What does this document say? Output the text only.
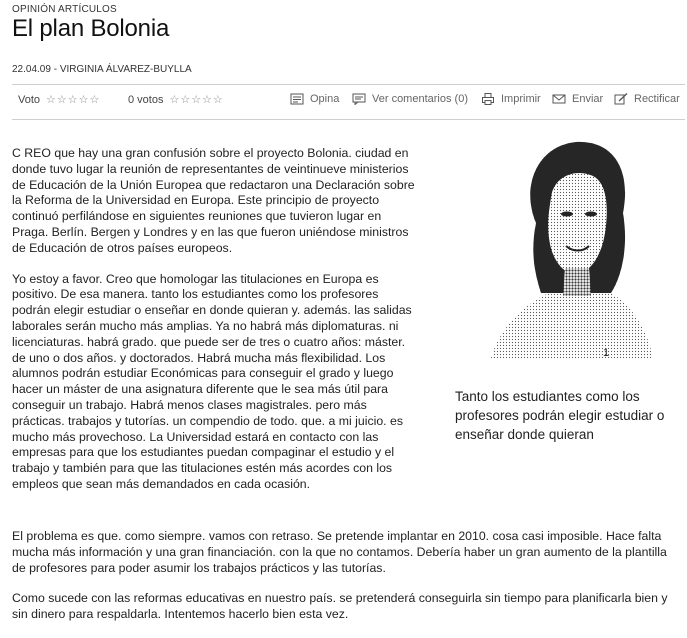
OPINIÓN ARTÍCULOS
El plan Bolonia
22.04.09 - VIRGINIA ÁLVAREZ-BUYLLA
Voto ☆☆☆☆☆	0 votos ☆☆☆☆☆	Opina	Ver comentarios (0)	Imprimir	Enviar	Rectificar

C REO que hay una gran confusión sobre el proyecto Bolonia. ciudad en donde tuvo lugar la reunión de representantes de veintinueve ministerios de Educación de la Unión Europea que redactaron una Declaración sobre la Reforma de la Universidad en Europa. Este principio de proyecto continuó perfilándose en siguientes reuniones que tuvieron lugar en Praga. Berlín. Bergen y Londres y en las que fueron uniéndose ministros de Educación de otros países europeos.

Yo estoy a favor. Creo que homologar las titulaciones en Europa es positivo. De esa manera. tanto los estudiantes como los profesores podrán elegir estudiar o enseñar en donde quieran y. además. las salidas laborales serán mucho más amplias. Ya no habrá más diplomaturas. ni licenciaturas. habrá grado. que puede ser de tres o cuatro años: máster. de uno o dos años. y doctorados. Habrá mucha más flexibilidad. Los alumnos podrán estudiar Económicas para conseguir el grado y luego hacer un máster de una asignatura diferente que le sea más útil para conseguir un trabajo. Habrá menos clases magistrales. pero más prácticas. trabajos y tutorías. un compendio de todo. que. a mi juicio. es mucho más provechoso. La Universidad estará en contacto con las empresas para que los estudiantes puedan compaginar el estudio y el trabajo y también para que las titulaciones estén más acordes con los empleos que sean más demandados en cada ocasión.

1
Tanto los estudiantes como los profesores podrán elegir estudiar o enseñar donde quieran

El problema es que. como siempre. vamos con retraso. Se pretende implantar en 2010. cosa casi imposible. Hace falta mucha más información y una gran financiación. con la que no contamos. Debería haber un gran aumento de la plantilla de profesores para poder asumir los trabajos prácticos y las tutorías.

Como sucede con las reformas educativas en nuestro país. se pretenderá conseguirla sin tiempo para planificarla bien y sin dinero para respaldarla. Intentemos hacerlo bien esta vez.
